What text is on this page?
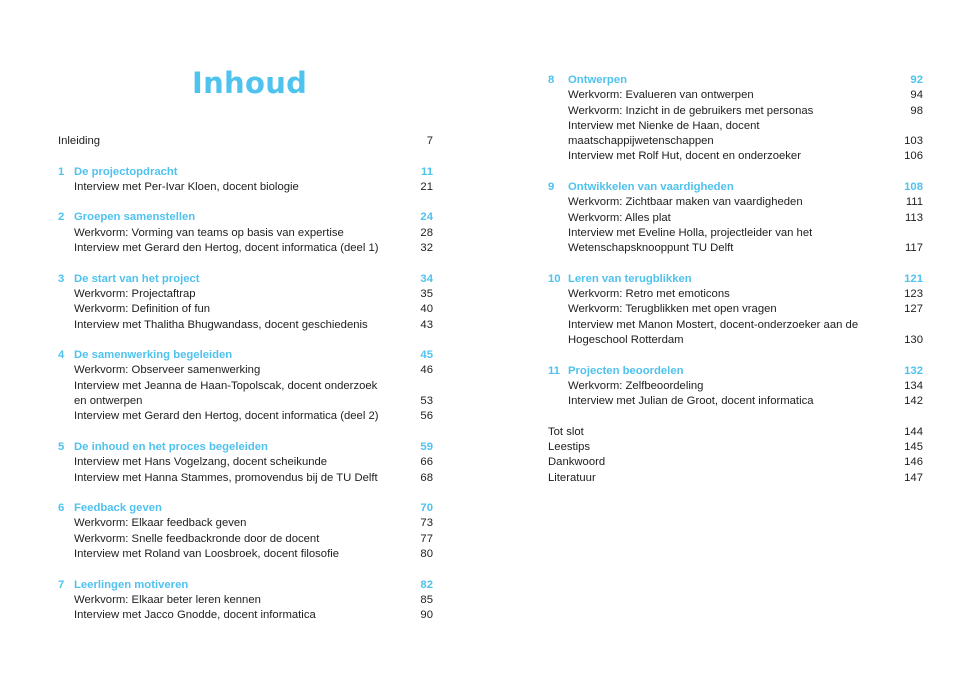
Inhoud
Inleiding	7
1 De projectopdracht	11
Interview met Per-Ivar Kloen, docent biologie	21
2 Groepen samenstellen	24
Werkvorm: Vorming van teams op basis van expertise	28
Interview met Gerard den Hertog, docent informatica (deel 1)	32
3 De start van het project	34
Werkvorm: Projectaftrap	35
Werkvorm: Definition of fun	40
Interview met Thalitha Bhugwandass, docent geschiedenis	43
4 De samenwerking begeleiden	45
Werkvorm: Observeer samenwerking	46
Interview met Jeanna de Haan-Topolscak, docent onderzoek
en ontwerpen	53
Interview met Gerard den Hertog, docent informatica (deel 2)	56
5 De inhoud en het proces begeleiden	59
Interview met Hans Vogelzang, docent scheikunde	66
Interview met Hanna Stammes, promovendus bij de TU Delft	68
6 Feedback geven	70
Werkvorm: Elkaar feedback geven	73
Werkvorm: Snelle feedbackronde door de docent	77
Interview met Roland van Loosbroek, docent filosofie	80
7 Leerlingen motiveren	82
Werkvorm: Elkaar beter leren kennen	85
Interview met Jacco Gnodde, docent informatica	90
8 Ontwerpen	92
Werkvorm: Evalueren van ontwerpen	94
Werkvorm: Inzicht in de gebruikers met personas	98
Interview met Nienke de Haan, docent
maatschappijwetenschappen	103
Interview met Rolf Hut, docent en onderzoeker	106
9 Ontwikkelen van vaardigheden	108
Werkvorm: Zichtbaar maken van vaardigheden	111
Werkvorm: Alles plat	113
Interview met Eveline Holla, projectleider van het
Wetenschapsknooppunt TU Delft	117
10 Leren van terugblikken	121
Werkvorm: Retro met emoticons	123
Werkvorm: Terugblikken met open vragen	127
Interview met Manon Mostert, docent-onderzoeker aan de
Hogeschool Rotterdam	130
11 Projecten beoordelen	132
Werkvorm: Zelfbeoordeling	134
Interview met Julian de Groot, docent informatica	142
Tot slot	144
Leestips	145
Dankwoord	146
Literatuur	147
